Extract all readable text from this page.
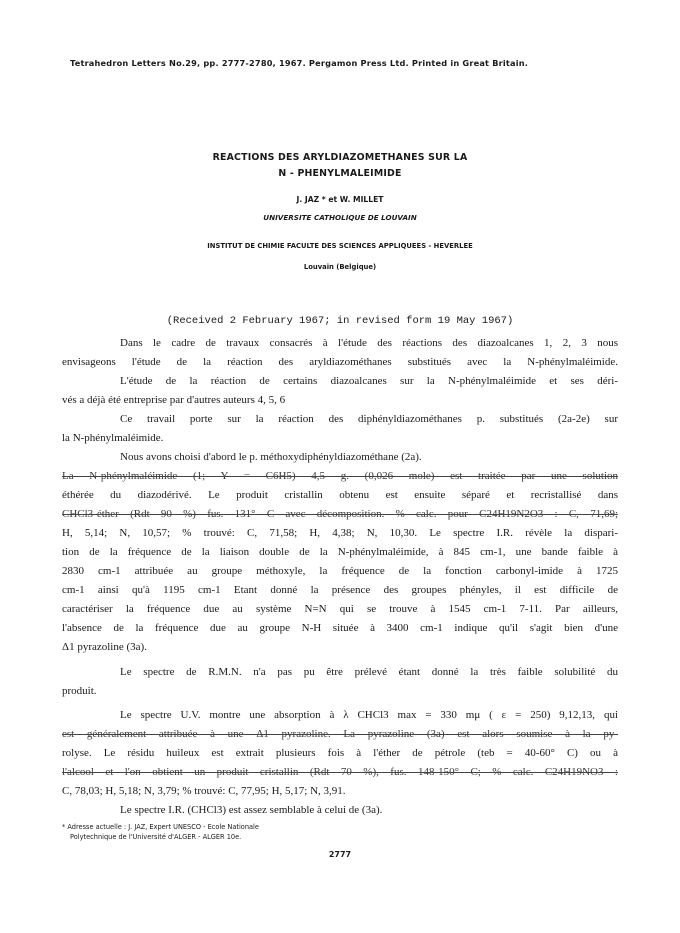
Tetrahedron Letters No.29, pp. 2777-2780, 1967. Pergamon Press Ltd. Printed in Great Britain.
REACTIONS DES ARYLDIAZOMETHANES SUR LA
N - PHENYLMALEIMIDE
J. JAZ * et W. MILLET
UNIVERSITE CATHOLIQUE DE LOUVAIN
INSTITUT DE CHIMIE FACULTE DES SCIENCES APPLIQUEES - HEVERLEE
Louvain (Belgique)
(Received 2 February 1967; in revised form 19 May 1967)
Dans le cadre de travaux consacrés à l'étude des réactions des diazoalcanes 1, 2, 3 nous
envisageons l'étude de la réaction des aryldiazométhanes substitués avec la N-phénylmaléimide.
L'étude de la réaction de certains diazoalcanes sur la N-phénylmaléimide et ses déri-
vés a déjà été entreprise par d'autres auteurs 4, 5, 6
Ce travail porte sur la réaction des diphényldiazométhanes p. substitués (2a-2e) sur
la N-phénylmaléimide.
Nous avons choisi d'abord le p. méthoxydiphényldiazométhane (2a).
La N-phénylmaléimide (1; Y = C6H5) 4,5 g. (0,026 mole) est traitée par une solution
éthérée du diazodérivé. Le produit cristallin obtenu est ensuite séparé et recristallisé dans
CHCl3-éther (Rdt 90 %) fus. 131° C avec décomposition. % calc. pour C24H19N2O3 : C, 71,69;
H, 5,14; N, 10,57; % trouvé: C, 71,58; H, 4,38; N, 10,30. Le spectre I.R. révèle la dispari-
tion de la fréquence de la liaison double de la N-phénylmaléimide, à 845 cm-1, une bande faible à
2830 cm-1 attribuée au groupe méthoxyle, la fréquence de la fonction carbonyl-imide à 1725
cm-1 ainsi qu'à 1195 cm-1 Etant donné la présence des groupes phényles, il est difficile de
caractériser la fréquence due au système N=N qui se trouve à 1545 cm-1 7-11. Par ailleurs,
l'absence de la fréquence due au groupe N-H située à 3400 cm-1 indique qu'il s'agit bien d'une
Δ1 pyrazoline (3a).
Le spectre de R.M.N. n'a pas pu être prélevé étant donné la très faible solubilité du
produit.
Le spectre U.V. montre une absorption à λ CHCl3 max = 330 mμ ( ε = 250) 9,12,13, qui
est généralement attribuée à une Δ1 pyrazoline. La pyrazoline (3a) est alors soumise à la py-
rolyse. Le résidu huileux est extrait plusieurs fois à l'éther de pétrole (teb = 40-60° C) ou à
l'alcool et l'on obtient un produit cristallin (Rdt 70 %), fus. 148-150° C; % calc. C24H19NO3 :
C, 78,03; H, 5,18; N, 3,79; % trouvé: C, 77,95; H, 5,17; N, 3,91.
Le spectre I.R. (CHCl3) est assez semblable à celui de (3a).
* Adresse actuelle : J. JAZ, Expert UNESCO - Ecole Nationale
Polytechnique de l'Université d'ALGER - ALGER 10e.
2777
